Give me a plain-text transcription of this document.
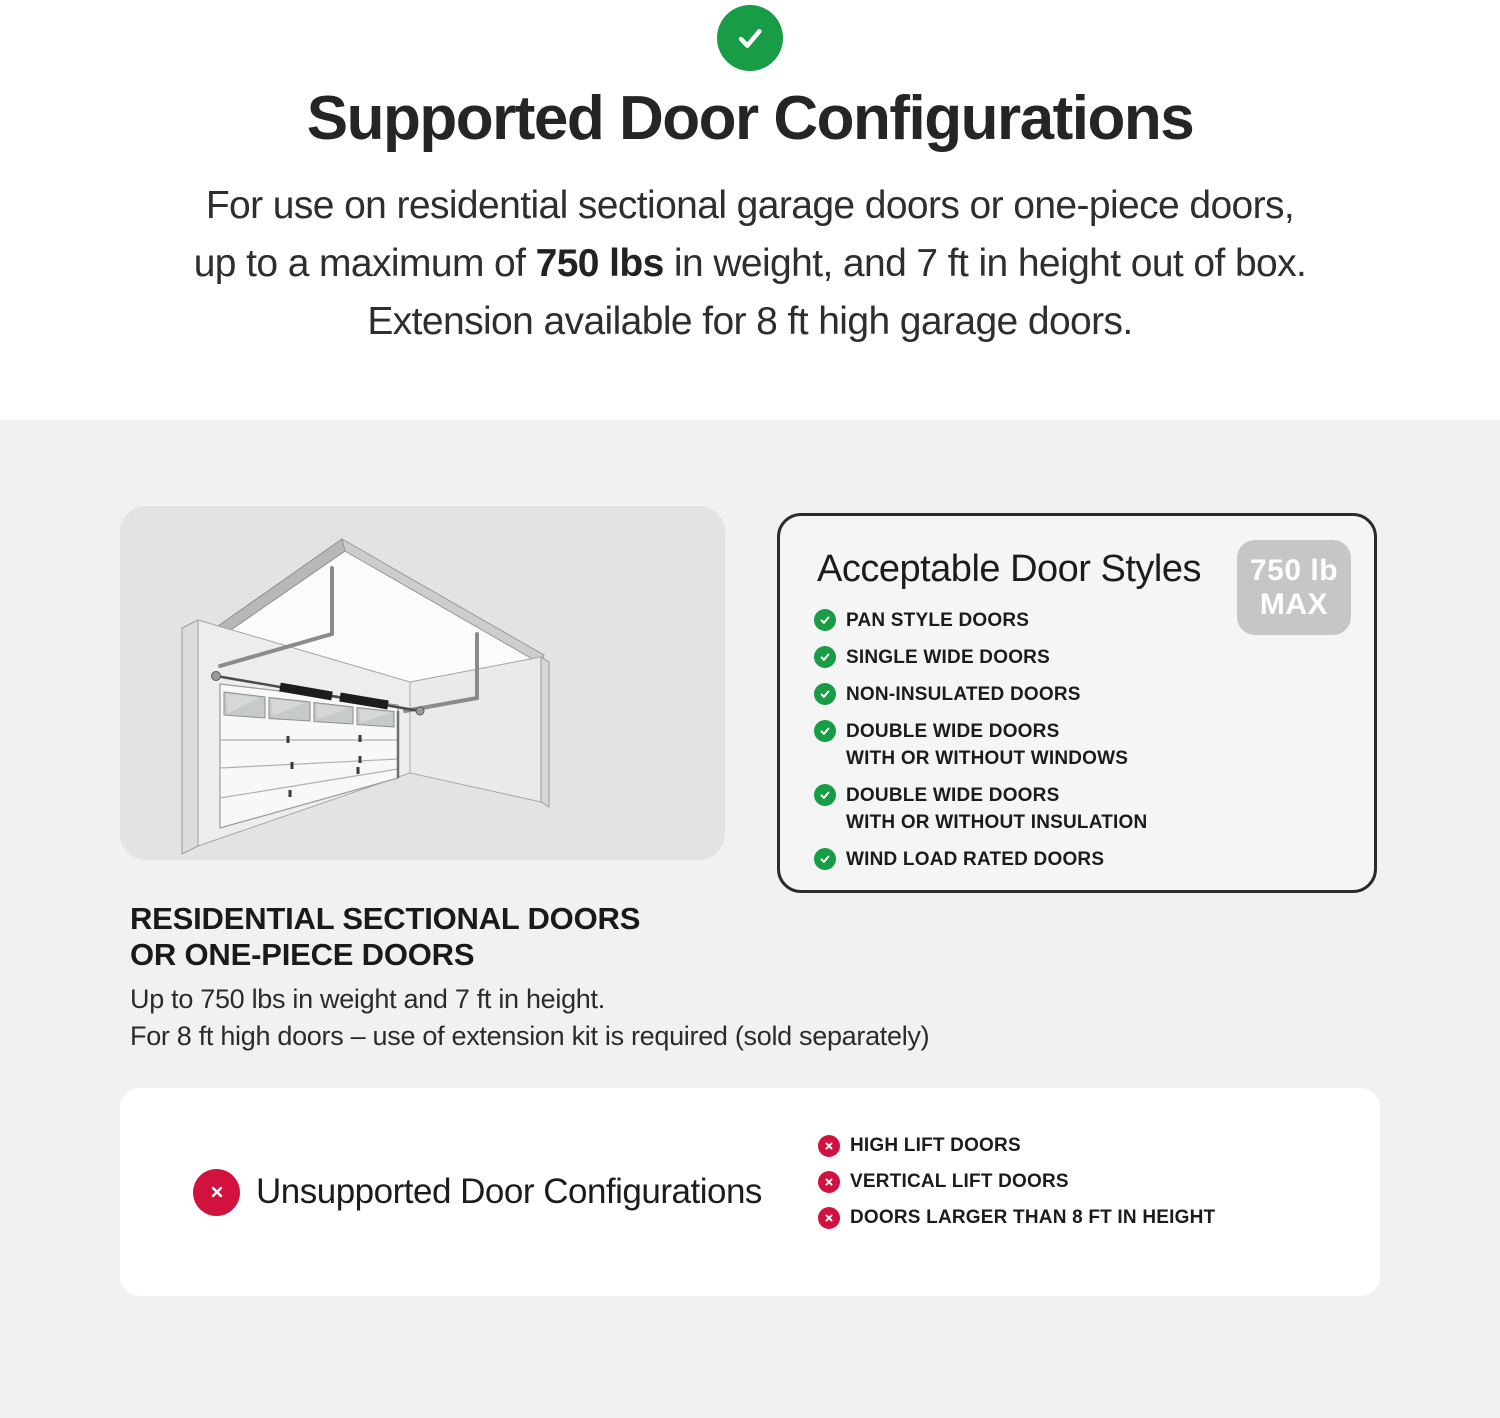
Supported Door Configurations
For use on residential sectional garage doors or one-piece doors,
up to a maximum of 750 lbs in weight, and 7 ft in height out of box.
Extension available for 8 ft high garage doors.
Acceptable Door Styles 750 lb
MAX
PAN STYLE DOORS
SINGLE WIDE DOORS
NON-INSULATED DOORS
DOUBLE WIDE DOORS
WITH OR WITHOUT WINDOWS
DOUBLE WIDE DOORS
WITH OR WITHOUT INSULATION
WIND LOAD RATED DOORS
RESIDENTIAL SECTIONAL DOORS
OR ONE-PIECE DOORS
Up to 750 lbs in weight and 7 ft in height.
For 8 ft high doors – use of extension kit is required (sold separately)
Unsupported Door Configurations
HIGH LIFT DOORS
VERTICAL LIFT DOORS
DOORS LARGER THAN 8 FT IN HEIGHT
